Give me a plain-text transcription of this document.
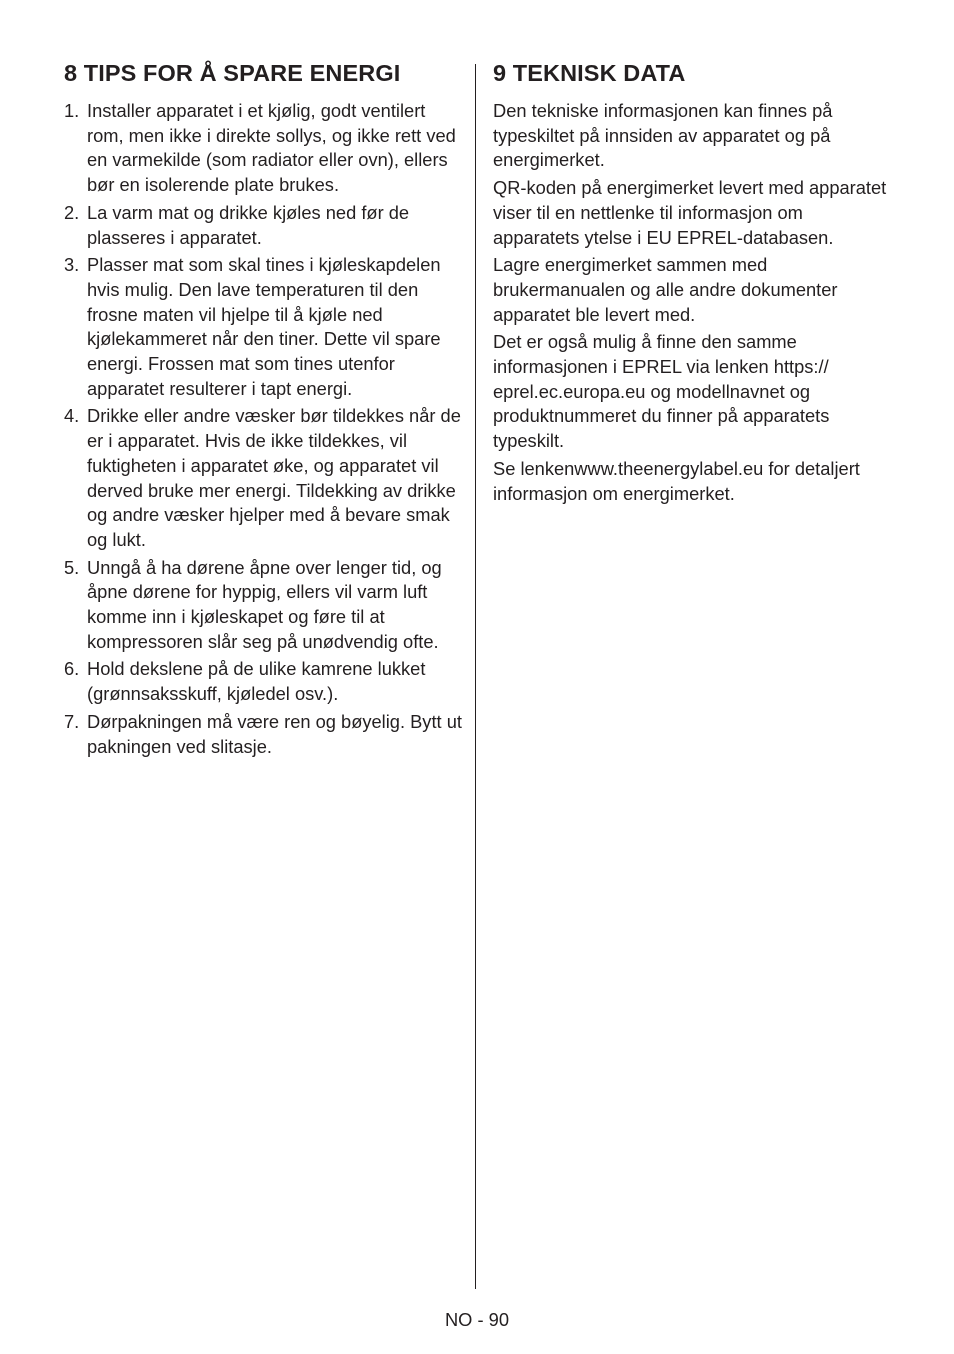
8 TIPS FOR Å SPARE ENERGI
1. Installer apparatet i et kjølig, godt ventilert rom, men ikke i direkte sollys, og ikke rett ved en varmekilde (som radiator eller ovn), ellers bør en isolerende plate brukes.
2. La varm mat og drikke kjøles ned før de plasseres i apparatet.
3. Plasser mat som skal tines i kjøleskapdelen hvis mulig. Den lave temperaturen til den frosne maten vil hjelpe til å kjøle ned kjølekammeret når den tiner. Dette vil spare energi. Frossen mat som tines utenfor apparatet resulterer i tapt energi.
4. Drikke eller andre væsker bør tildekkes når de er i apparatet. Hvis de ikke tildekkes, vil fuktigheten i apparatet øke, og apparatet vil derved bruke mer energi. Tildekking av drikke og andre væsker hjelper med å bevare smak og lukt.
5. Unngå å ha dørene åpne over lenger tid, og åpne dørene for hyppig, ellers vil varm luft komme inn i kjøleskapet og føre til at kompressoren slår seg på unødvendig ofte.
6. Hold dekslene på de ulike kamrene lukket (grønnsaksskuff, kjøledel osv.).
7. Dørpakningen må være ren og bøyelig. Bytt ut pakningen ved slitasje.
9 TEKNISK DATA

Den tekniske informasjonen kan finnes på typeskiltet på innsiden av apparatet og på energimerket.

QR-koden på energimerket levert med apparatet viser til en nettlenke til informasjon om apparatets ytelse i EU EPREL-databasen.

Lagre energimerket sammen med brukermanualen og alle andre dokumenter apparatet ble levert med.

Det er også mulig å finne den samme informasjonen i EPREL via lenken https:// eprel.ec.europa.eu og modellnavnet og produktnummeret du finner på apparatets typeskilt.

Se lenkenwww.theenergylabel.eu for detaljert informasjon om energimerket.

NO - 90
